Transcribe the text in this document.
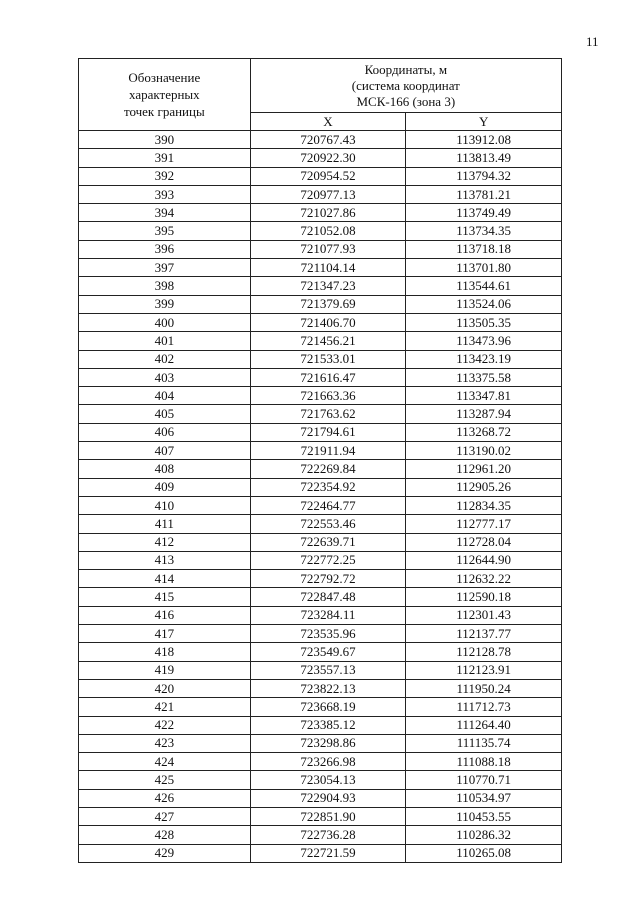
11
Обозначение
характерных
точек границы	Координаты, м
(система координат
МСК-166 (зона 3)	
	X	Y
390	720767.43	113912.08
391	720922.30	113813.49
392	720954.52	113794.32
393	720977.13	113781.21
394	721027.86	113749.49
395	721052.08	113734.35
396	721077.93	113718.18
397	721104.14	113701.80
398	721347.23	113544.61
399	721379.69	113524.06
400	721406.70	113505.35
401	721456.21	113473.96
402	721533.01	113423.19
403	721616.47	113375.58
404	721663.36	113347.81
405	721763.62	113287.94
406	721794.61	113268.72
407	721911.94	113190.02
408	722269.84	112961.20
409	722354.92	112905.26
410	722464.77	112834.35
411	722553.46	112777.17
412	722639.71	112728.04
413	722772.25	112644.90
414	722792.72	112632.22
415	722847.48	112590.18
416	723284.11	112301.43
417	723535.96	112137.77
418	723549.67	112128.78
419	723557.13	112123.91
420	723822.13	111950.24
421	723668.19	111712.73
422	723385.12	111264.40
423	723298.86	111135.74
424	723266.98	111088.18
425	723054.13	110770.71
426	722904.93	110534.97
427	722851.90	110453.55
428	722736.28	110286.32
429	722721.59	110265.08
